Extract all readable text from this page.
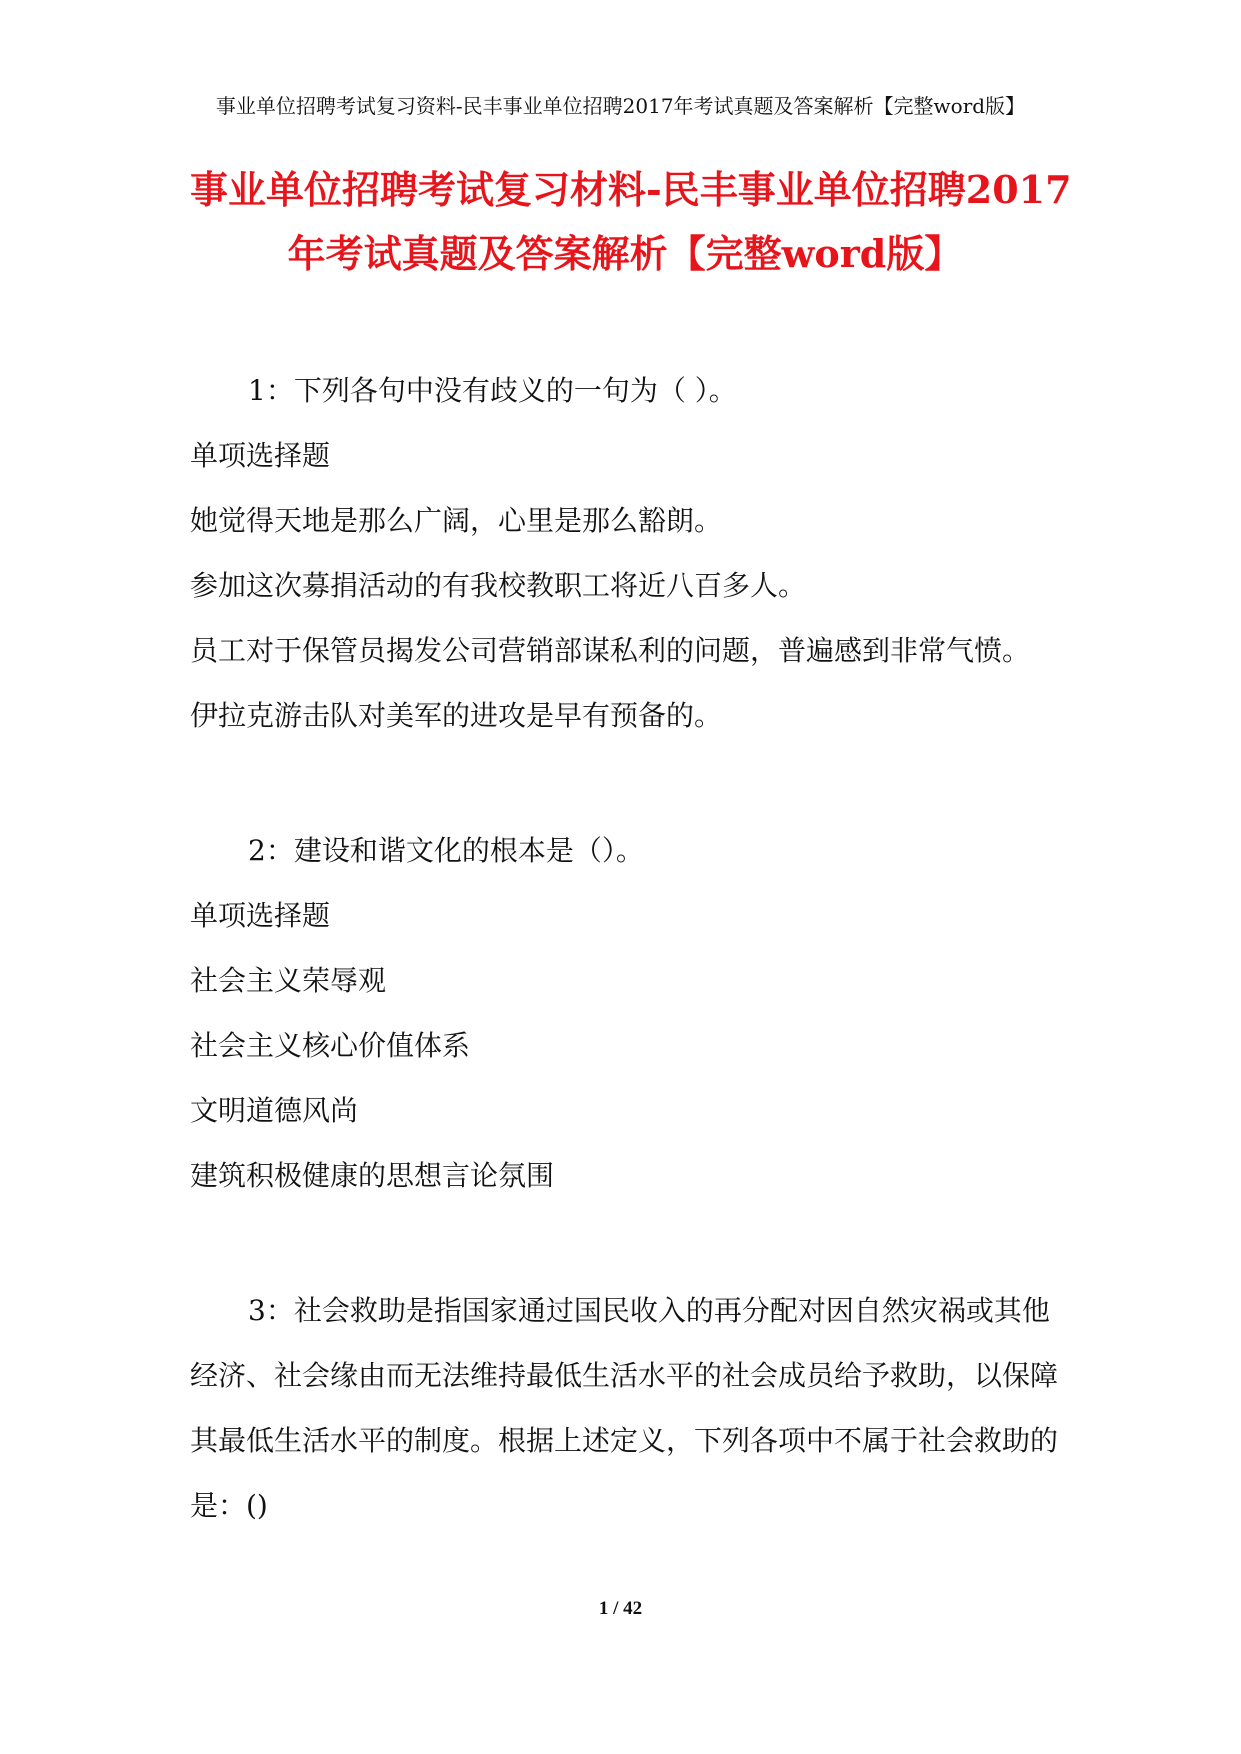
事业单位招聘考试复习资料-民丰事业单位招聘2017年考试真题及答案解析【完整word版】
事业单位招聘考试复习材料-民丰事业单位招聘2017
年考试真题及答案解析【完整word版】
1：下列各句中没有歧义的一句为（ ）。
单项选择题
她觉得天地是那么广阔，心里是那么豁朗。
参加这次募捐活动的有我校教职工将近八百多人。
员工对于保管员揭发公司营销部谋私利的问题，普遍感到非常气愤。
伊拉克游击队对美军的进攻是早有预备的。
2：建设和谐文化的根本是（）。
单项选择题
社会主义荣辱观
社会主义核心价值体系
文明道德风尚
建筑积极健康的思想言论氛围
3：社会救助是指国家通过国民收入的再分配对因自然灾祸或其他经济、社会缘由而无法维持最低生活水平的社会成员给予救助，以保障其最低生活水平的制度。根据上述定义，下列各项中不属于社会救助的是：()
1 / 42
